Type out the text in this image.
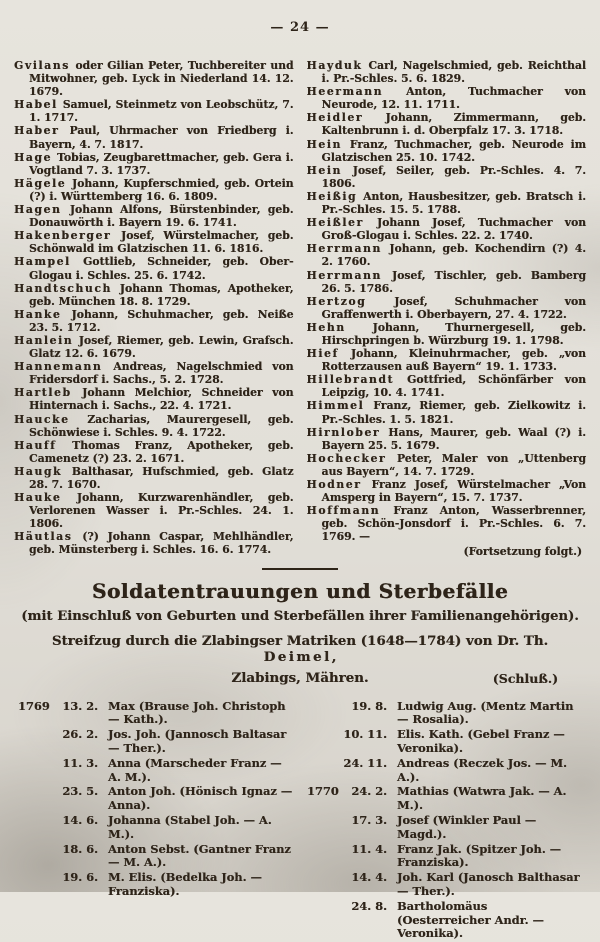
— 24 —

Gvilans oder Gilian Peter, Tuchbereiter und Mitwohner, geb. Lyck in Niederland 14. 12. 1679.

Habel Samuel, Steinmetz von Leobschütz, 7. 1. 1717.

Haber Paul, Uhrmacher von Friedberg i. Bayern, 4. 7. 1817.

Hage Tobias, Zeugbarettmacher, geb. Gera i. Vogtland 7. 3. 1737.

Hägele Johann, Kupferschmied, geb. Ortein (?) i. Württemberg 16. 6. 1809.

Hagen Johann Alfons, Bürstenbinder, geb. Donauwörth i. Bayern 19. 6. 1741.

Hakenberger Josef, Würstelmacher, geb. Schönwald im Glatzischen 11. 6. 1816.

Hampel Gottlieb, Schneider, geb. Ober-Glogau i. Schles. 25. 6. 1742.

Handtschuch Johann Thomas, Apotheker, geb. München 18. 8. 1729.

Hanke Johann, Schuhmacher, geb. Neiße 23. 5. 1712.

Hanlein Josef, Riemer, geb. Lewin, Grafsch. Glatz 12. 6. 1679.

Hannemann Andreas, Nagelschmied von Fridersdorf i. Sachs., 5. 2. 1728.

Hartleb Johann Melchior, Schneider von Hinternach i. Sachs., 22. 4. 1721.

Haucke Zacharias, Maurergesell, geb. Schönwiese i. Schles. 9. 4. 1722.

Hauff Thomas Franz, Apotheker, geb. Camenetz (?) 23. 2. 1671.

Haugk Balthasar, Hufschmied, geb. Glatz 28. 7. 1670.

Hauke Johann, Kurzwarenhändler, geb. Verlorenen Wasser i. Pr.-Schles. 24. 1. 1806.

Häutlas (?) Johann Caspar, Mehlhändler, geb. Münsterberg i. Schles. 16. 6. 1774.

Hayduk Carl, Nagelschmied, geb. Reichthal i. Pr.-Schles. 5. 6. 1829.

Heermann Anton, Tuchmacher von Neurode, 12. 11. 1711.

Heidler Johann, Zimmermann, geb. Kaltenbrunn i. d. Oberpfalz 17. 3. 1718.

Hein Franz, Tuchmacher, geb. Neurode im Glatzischen 25. 10. 1742.

Hein Josef, Seiler, geb. Pr.-Schles. 4. 7. 1806.

Heißig Anton, Hausbesitzer, geb. Bratsch i. Pr.-Schles. 15. 5. 1788.

Heißler Johann Josef, Tuchmacher von Groß-Glogau i. Schles. 22. 2. 1740.

Herrmann Johann, geb. Kochendirn (?) 4. 2. 1760.

Herrmann Josef, Tischler, geb. Bamberg 26. 5. 1786.

Hertzog Josef, Schuhmacher von Graffenwerth i. Oberbayern, 27. 4. 1722.

Hehn Johann, Thurnergesell, geb. Hirschpringen b. Würzburg 19. 1. 1798.

Hief Johann, Kleinuhrmacher, geb. „von Rotterzausen auß Bayern“ 19. 1. 1733.

Hillebrandt Gottfried, Schönfärber von Leipzig, 10. 4. 1741.

Himmel Franz, Riemer, geb. Zielkowitz i. Pr.-Schles. 1. 5. 1821.

Hirnlober Hans, Maurer, geb. Waal (?) i. Bayern 25. 5. 1679.

Hochecker Peter, Maler von „Uttenberg aus Bayern“, 14. 7. 1729.

Hodner Franz Josef, Würstelmacher „Von Amsperg in Bayern“, 15. 7. 1737.

Hoffmann Franz Anton, Wasserbrenner, geb. Schön-Jonsdorf i. Pr.-Schles. 6. 7. 1769. —

(Fortsetzung folgt.)

Soldatentrauungen und Sterbefälle
(mit Einschluß von Geburten und Sterbefällen ihrer Familienangehörigen).
Streifzug durch die Zlabingser Matriken (1648—1784) von Dr. Th. Deimel,
Zlabings, Mähren.	(Schluß.)
1769	13. 2. Max (Brause Joh. Christoph — Kath.).
26. 2. Jos. Joh. (Jannosch Baltasar — Ther.).
11. 3. Anna (Marscheder Franz — A. M.).
23. 5. Anton Joh. (Hönisch Ignaz — Anna).
14. 6. Johanna (Stabel Joh. — A. M.).
18. 6. Anton Sebst. (Gantner Franz — M. A.).
19. 6. M. Elis. (Bedelka Joh. — Franziska).
19. 8. Ludwig Aug. (Mentz Martin — Rosalia).
10. 11. Elis. Kath. (Gebel Franz — Veronika).
24. 11. Andreas (Reczek Jos. — M. A.).
1770	24. 2. Mathias (Watwra Jak. — A. M.).
17. 3. Josef (Winkler Paul — Magd.).
11. 4. Franz Jak. (Spitzer Joh. — Franziska).
14. 4. Joh. Karl (Janosch Balthasar — Ther.).
24. 8. Bartholomäus (Oesterreicher Andr. — Veronika).
